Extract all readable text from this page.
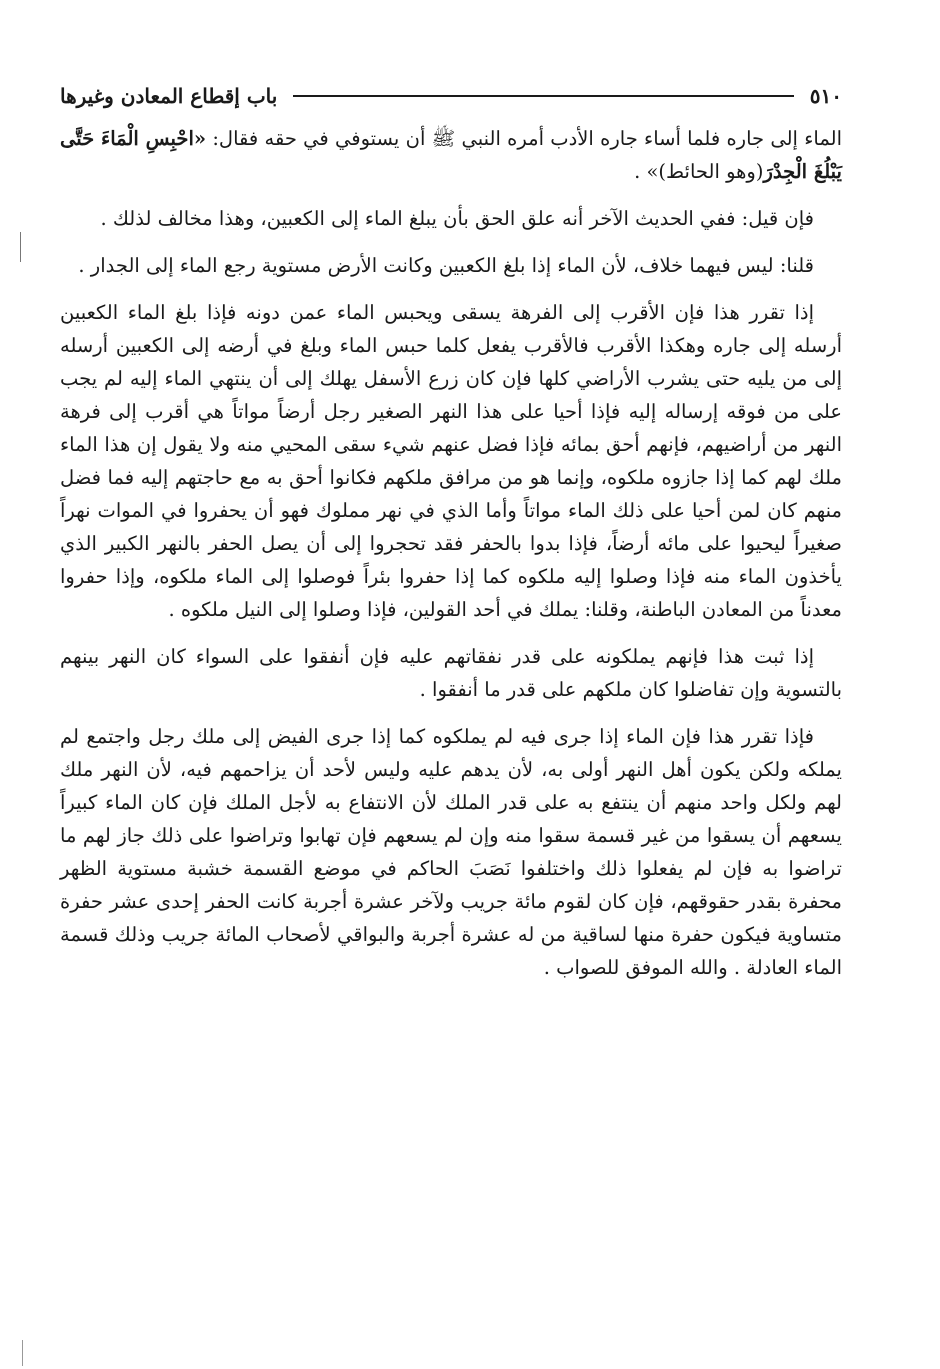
٥١٠
باب إقطاع المعادن وغيرها

الماء إلى جاره فلما أساء جاره الأدب أمره النبي ﷺ أن يستوفي في حقه فقال: «احْبِسِ الْمَاءَ حَتَّى يَبْلُغَ الْجِدْرَ(وهو الحائط)» .

فإن قيل: ففي الحديث الآخر أنه علق الحق بأن يبلغ الماء إلى الكعبين، وهذا مخالف لذلك .

قلنا: ليس فيهما خلاف، لأن الماء إذا بلغ الكعبين وكانت الأرض مستوية رجع الماء إلى الجدار .

إذا تقرر هذا فإن الأقرب إلى الفرهة يسقى ويحبس الماء عمن دونه فإذا بلغ الماء الكعبين أرسله إلى جاره وهكذا الأقرب فالأقرب يفعل كلما حبس الماء وبلغ في أرضه إلى الكعبين أرسله إلى من يليه حتى يشرب الأراضي كلها فإن كان زرع الأسفل يهلك إلى أن ينتهي الماء إليه لم يجب على من فوقه إرساله إليه فإذا أحيا على هذا النهر الصغير رجل أرضاً مواتاً هي أقرب إلى فرهة النهر من أراضيهم، فإنهم أحق بمائه فإذا فضل عنهم شيء سقى المحيي منه ولا يقول إن هذا الماء ملك لهم كما إذا جازوه ملكوه، وإنما هو من مرافق ملكهم فكانوا أحق به مع حاجتهم إليه فما فضل منهم كان لمن أحيا على ذلك الماء مواتاً وأما الذي في نهر مملوك فهو أن يحفروا في الموات نهراً صغيراً ليحيوا على مائه أرضاً، فإذا بدوا بالحفر فقد تحجروا إلى أن يصل الحفر بالنهر الكبير الذي يأخذون الماء منه فإذا وصلوا إليه ملكوه كما إذا حفروا بئراً فوصلوا إلى الماء ملكوه، وإذا حفروا معدناً من المعادن الباطنة، وقلنا: يملك في أحد القولين، فإذا وصلوا إلى النيل ملكوه .

إذا ثبت هذا فإنهم يملكونه على قدر نفقاتهم عليه فإن أنفقوا على السواء كان النهر بينهم بالتسوية وإن تفاضلوا كان ملكهم على قدر ما أنفقوا .

فإذا تقرر هذا فإن الماء إذا جرى فيه لم يملكوه كما إذا جرى الفيض إلى ملك رجل واجتمع لم يملكه ولكن يكون أهل النهر أولى به، لأن يدهم عليه وليس لأحد أن يزاحمهم فيه، لأن النهر ملك لهم ولكل واحد منهم أن ينتفع به على قدر الملك لأن الانتفاع به لأجل الملك فإن كان الماء كبيراً يسعهم أن يسقوا من غير قسمة سقوا منه وإن لم يسعهم فإن تهابوا وتراضوا على ذلك جاز لهم ما تراضوا به فإن لم يفعلوا ذلك واختلفوا نَصَبَ الحاكم في موضع القسمة خشبة مستوية الظهر محفرة بقدر حقوقهم، فإن كان لقوم مائة جريب ولآخر عشرة أجربة كانت الحفر إحدى عشر حفرة متساوية فيكون حفرة منها لساقية من له عشرة أجربة والبواقي لأصحاب المائة جريب وذلك قسمة الماء العادلة . والله الموفق للصواب .
